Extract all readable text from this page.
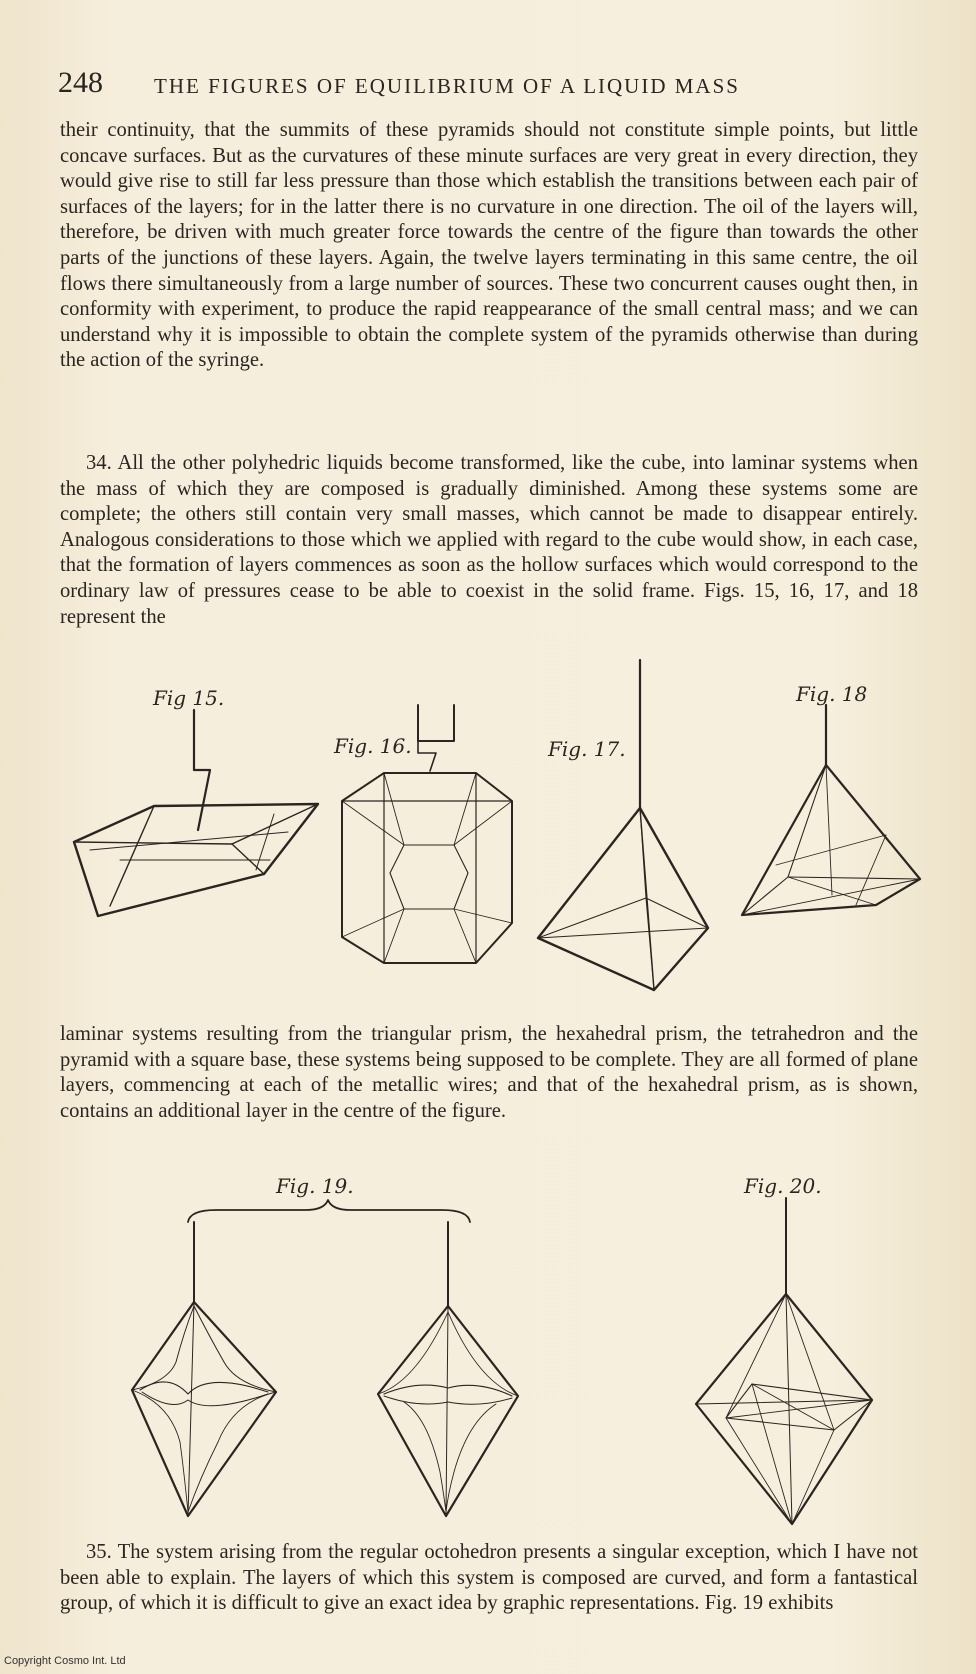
248 THE FIGURES OF EQUILIBRIUM OF A LIQUID MASS
their continuity, that the summits of these pyramids should not constitute simple points, but little concave surfaces. But as the curvatures of these minute surfaces are very great in every direction, they would give rise to still far less pressure than those which establish the transitions between each pair of surfaces of the layers; for in the latter there is no curvature in one direction. The oil of the layers will, therefore, be driven with much greater force towards the centre of the figure than towards the other parts of the junctions of these layers. Again, the twelve layers terminating in this same centre, the oil flows there simultaneously from a large number of sources. These two concurrent causes ought then, in conformity with experiment, to produce the rapid reappearance of the small central mass; and we can understand why it is impossible to obtain the complete system of the pyramids otherwise than during the action of the syringe.
34. All the other polyhedric liquids become transformed, like the cube, into laminar systems when the mass of which they are composed is gradually diminished. Among these systems some are complete; the others still contain very small masses, which cannot be made to disappear entirely. Analogous considerations to those which we applied with regard to the cube would show, in each case, that the formation of layers commences as soon as the hollow surfaces which would correspond to the ordinary law of pressures cease to be able to coexist in the solid frame. Figs. 15, 16, 17, and 18 represent the
Fig 15.
Fig. 16.	Fig. 17.
Fig. 18
laminar systems resulting from the triangular prism, the hexahedral prism, the tetrahedron and the pyramid with a square base, these systems being supposed to be complete. They are all formed of plane layers, commencing at each of the metallic wires; and that of the hexahedral prism, as is shown, contains an additional layer in the centre of the figure.
Fig. 19.	Fig. 20.
35. The system arising from the regular octohedron presents a singular exception, which I have not been able to explain. The layers of which this system is composed are curved, and form a fantastical group, of which it is difficult to give an exact idea by graphic representations. Fig. 19 exhibits
Copyright Cosmo Int. Ltd
